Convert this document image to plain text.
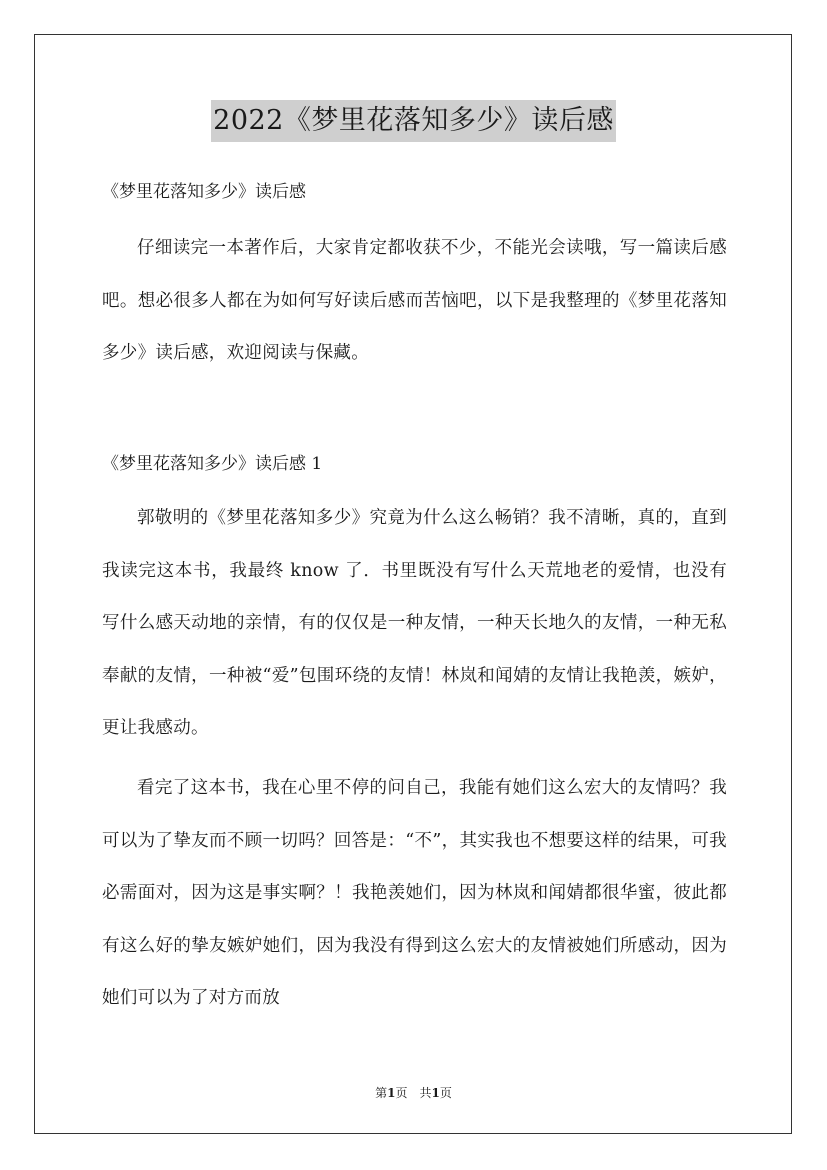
2022《梦里花落知多少》读后感

《梦里花落知多少》读后感

仔细读完一本著作后，大家肯定都收获不少，不能光会读哦，写一篇读后感吧。想必很多人都在为如何写好读后感而苦恼吧，以下是我整理的《梦里花落知多少》读后感，欢迎阅读与保藏。

《梦里花落知多少》读后感 1

郭敬明的《梦里花落知多少》究竟为什么这么畅销？我不清晰，真的，直到我读完这本书，我最终 know 了．书里既没有写什么天荒地老的爱情，也没有写什么感天动地的亲情，有的仅仅是一种友情，一种天长地久的友情，一种无私奉献的友情，一种被“爱”包围环绕的友情！林岚和闻婧的友情让我艳羡，嫉妒，更让我感动。

看完了这本书，我在心里不停的问自己，我能有她们这么宏大的友情吗？我可以为了挚友而不顾一切吗？回答是：“不”，其实我也不想要这样的结果，可我必需面对，因为这是事实啊？！我艳羡她们，因为林岚和闻婧都很华蜜，彼此都有这么好的挚友嫉妒她们，因为我没有得到这么宏大的友情被她们所感动，因为她们可以为了对方而放

第1页　共1页
